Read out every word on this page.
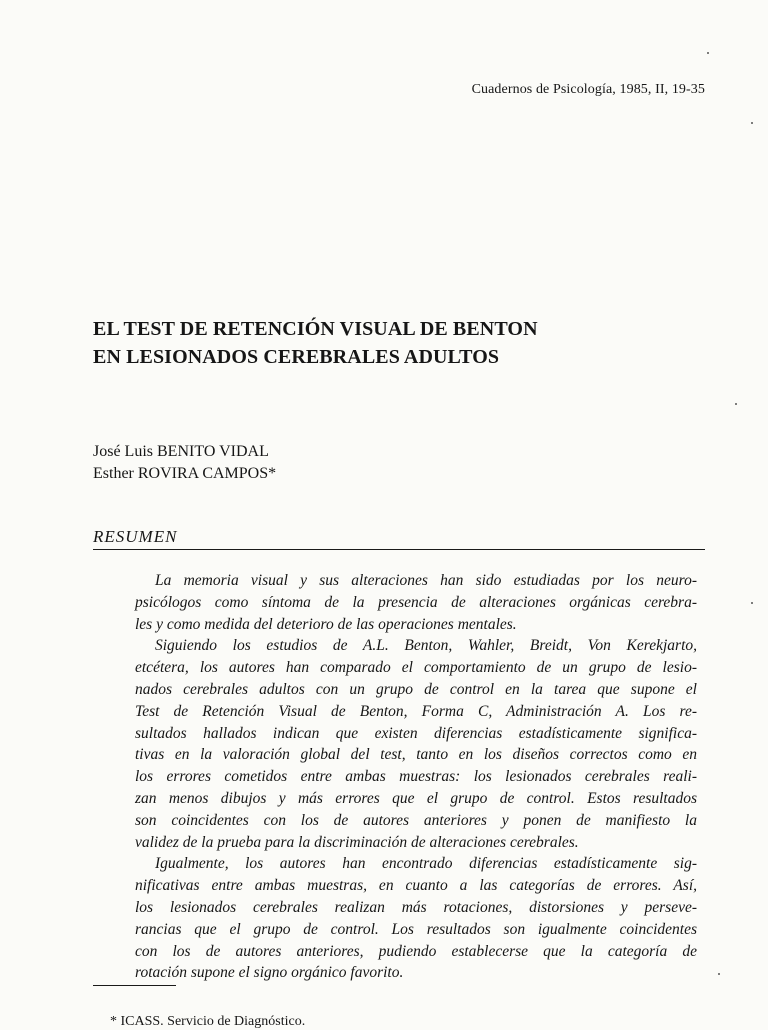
Cuadernos de Psicología, 1985, II, 19-35
EL TEST DE RETENCIÓN VISUAL DE BENTON
EN LESIONADOS CEREBRALES ADULTOS
José Luis BENITO VIDAL
Esther ROVIRA CAMPOS*
RESUMEN
La memoria visual y sus alteraciones han sido estudiadas por los neuro-
psicólogos como síntoma de la presencia de alteraciones orgánicas cerebra-
les y como medida del deterioro de las operaciones mentales.
Siguiendo los estudios de A.L. Benton, Wahler, Breidt, Von Kerekjarto,
etcétera, los autores han comparado el comportamiento de un grupo de lesio-
nados cerebrales adultos con un grupo de control en la tarea que supone el
Test de Retención Visual de Benton, Forma C, Administración A. Los re-
sultados hallados indican que existen diferencias estadísticamente significa-
tivas en la valoración global del test, tanto en los diseños correctos como en
los errores cometidos entre ambas muestras: los lesionados cerebrales reali-
zan menos dibujos y más errores que el grupo de control. Estos resultados
son coincidentes con los de autores anteriores y ponen de manifiesto la
validez de la prueba para la discriminación de alteraciones cerebrales.
Igualmente, los autores han encontrado diferencias estadísticamente sig-
nificativas entre ambas muestras, en cuanto a las categorías de errores. Así,
los lesionados cerebrales realizan más rotaciones, distorsiones y perseve-
rancias que el grupo de control. Los resultados son igualmente coincidentes
con los de autores anteriores, pudiendo establecerse que la categoría de
rotación supone el signo orgánico favorito.
* ICASS. Servicio de Diagnóstico.
